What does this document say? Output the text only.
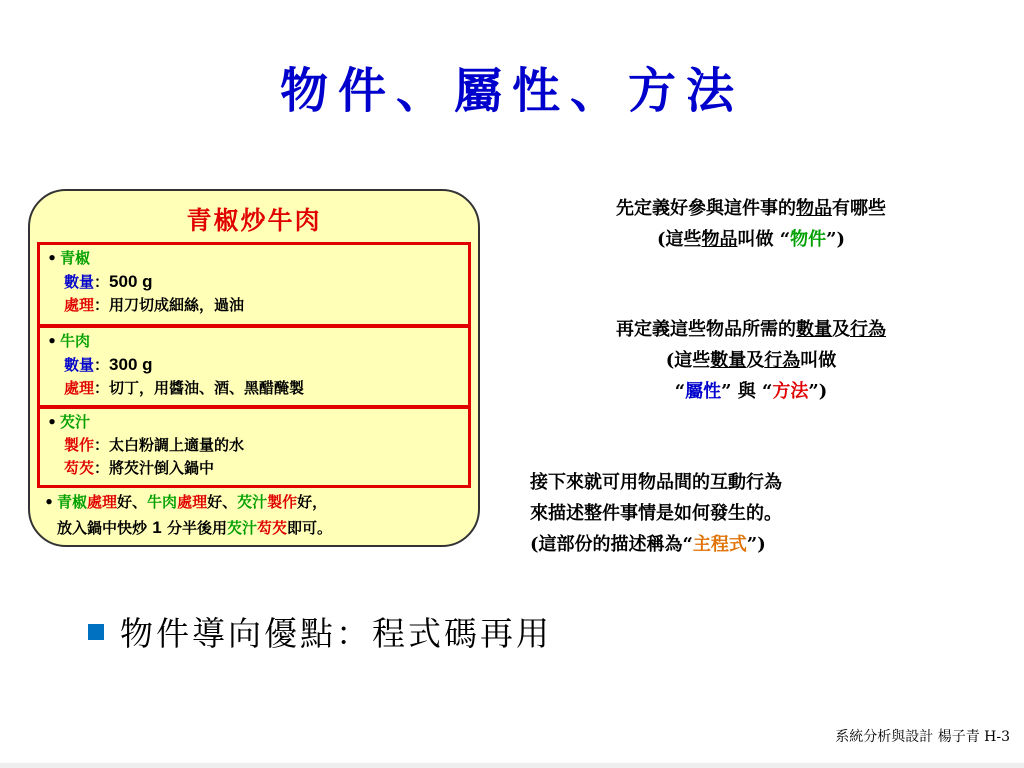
物件、屬性、方法
青椒炒牛肉
• 青椒
數量：500 g
處理：用刀切成細絲，過油
• 牛肉
數量：300 g
處理：切丁，用醬油、酒、黑醋醃製
• 芡汁
製作：太白粉調上適量的水
芶芡：將芡汁倒入鍋中
• 青椒處理好、牛肉處理好、芡汁製作好，
放入鍋中快炒 1 分半後用芡汁芶芡即可。
先定義好參與這件事的物品有哪些
(這些物品叫做 “物件”)
再定義這些物品所需的數量及行為
(這些數量及行為叫做
“屬性” 與 “方法”)
接下來就可用物品間的互動行為
來描述整件事情是如何發生的。
(這部份的描述稱為“主程式”)
物件導向優點：程式碼再用
系統分析與設計 楊子青 H-3
